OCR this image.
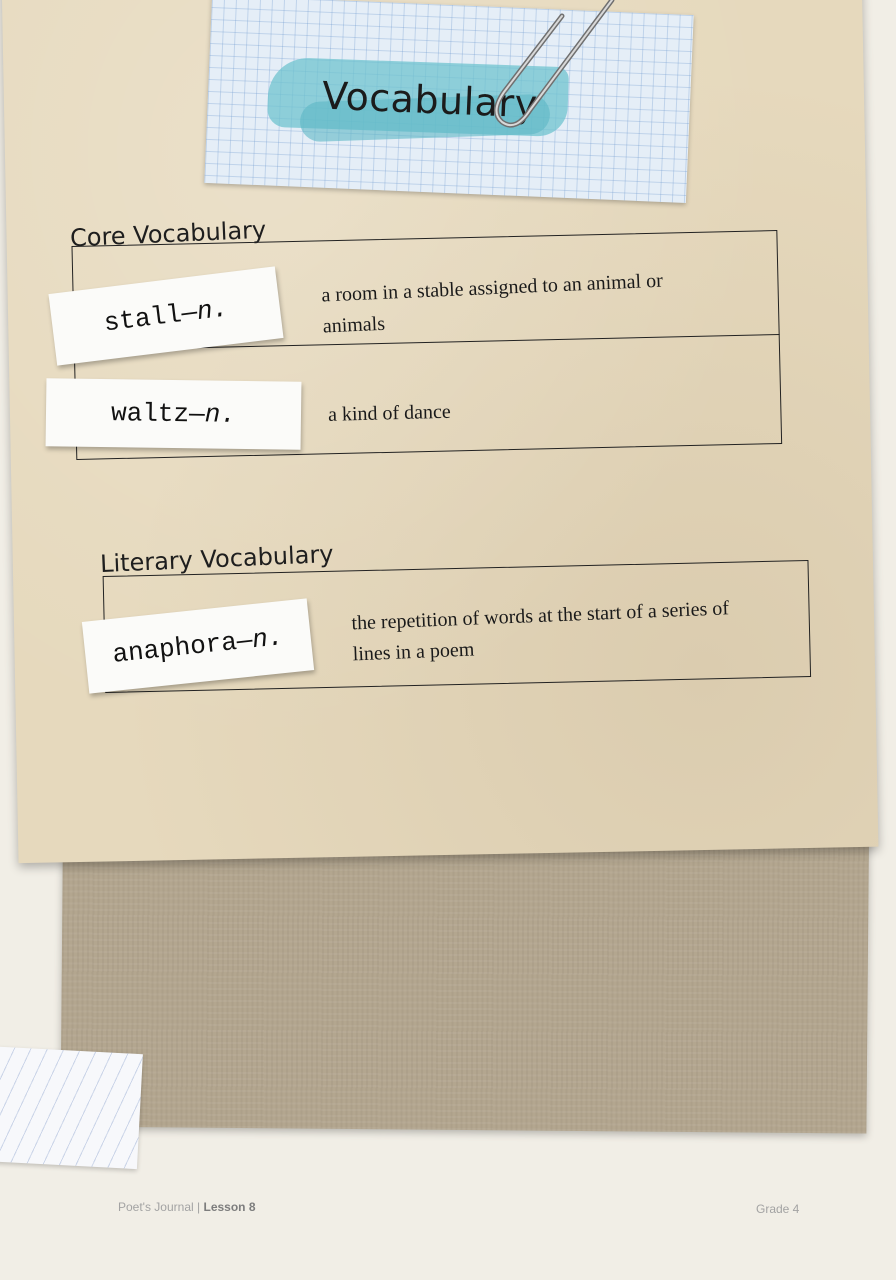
Vocabulary
Core Vocabulary
stall
—
n.

a room in a stable assigned to an animal or animals

waltz — n.	a kind of dance

Literary Vocabulary
anaphora
—
n.

the repetition of words at the start of a series of lines in a poem

Poet's Journal | Lesson 8	Grade 4
